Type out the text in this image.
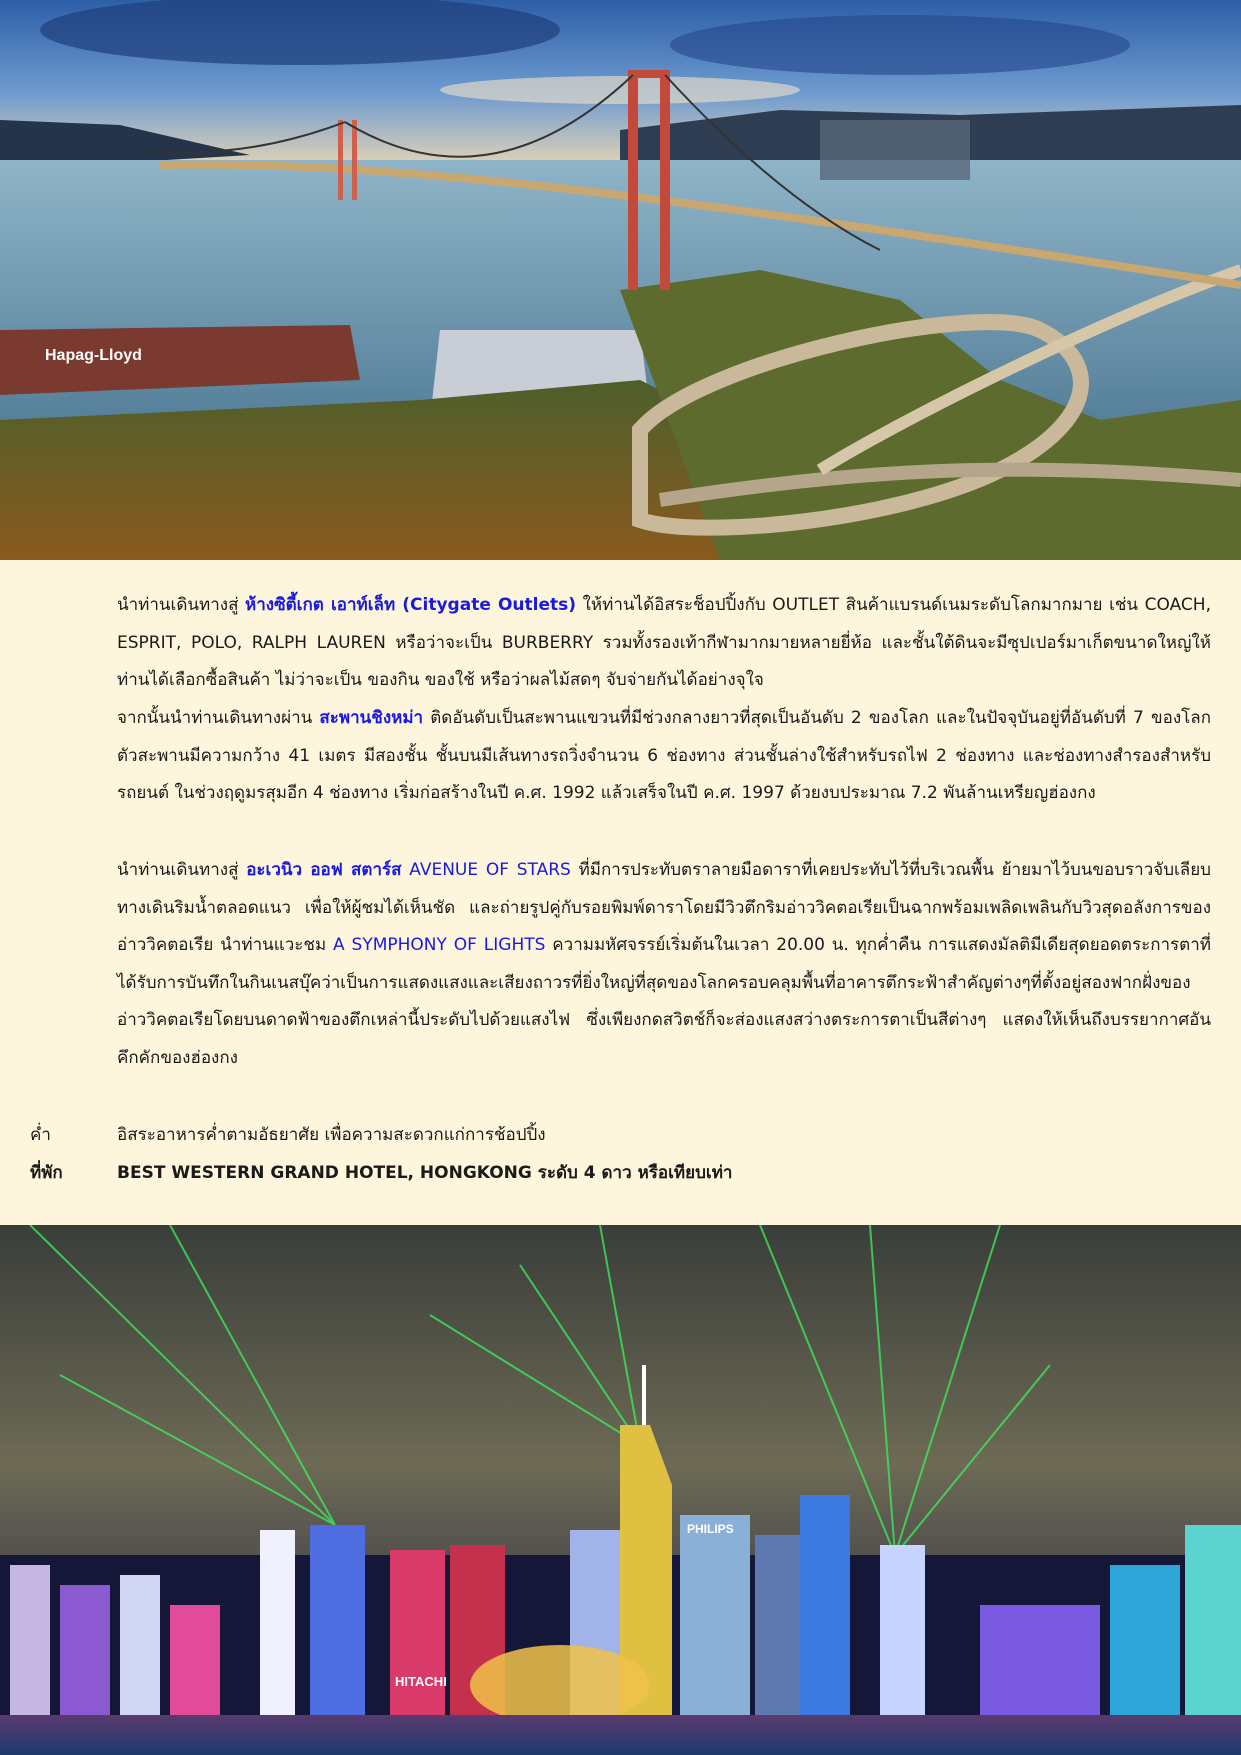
Hapag-Lloyd

นำท่านเดินทางสู่ ห้างซิตี้เกต เอาท์เล็ท (Citygate Outlets) ให้ท่านได้อิสระช็อปปิ้งกับ OUTLET สินค้าแบรนด์เนมระดับโลกมากมาย เช่น COACH, ESPRIT, POLO, RALPH LAUREN หรือว่าจะเป็น BURBERRY รวมทั้งรองเท้ากีฬามากมายหลายยี่ห้อ และชั้นใต้ดินจะมีซุปเปอร์มาเก็ตขนาดใหญ่ให้ท่านได้เลือกซื้อสินค้า ไม่ว่าจะเป็น ของกิน ของใช้ หรือว่าผลไม้สดๆ จับจ่ายกันได้อย่างจุใจ

จากนั้นนำท่านเดินทางผ่าน สะพานชิงหม่า ติดอันดับเป็นสะพานแขวนที่มีช่วงกลางยาวที่สุดเป็นอันดับ 2 ของโลก และในปัจจุบันอยู่ที่อันดับที่ 7 ของโลก ตัวสะพานมีความกว้าง 41 เมตร มีสองชั้น ชั้นบนมีเส้นทางรถวิ่งจำนวน 6 ช่องทาง ส่วนชั้นล่างใช้สำหรับรถไฟ 2 ช่องทาง และช่องทางสำรองสำหรับรถยนต์ ในช่วงฤดูมรสุมอีก 4 ช่องทาง เริ่มก่อสร้างในปี ค.ศ. 1992 แล้วเสร็จในปี ค.ศ. 1997 ด้วยงบประมาณ 7.2 พันล้านเหรียญฮ่องกง

นำท่านเดินทางสู่ อะเวนิว ออฟ สตาร์ส AVENUE OF STARS ที่มีการประทับตราลายมือดาราที่เคยประทับไว้ที่บริเวณพื้น ย้ายมาไว้บนขอบราวจับเลียบทางเดินริมน้ำตลอดแนว เพื่อให้ผู้ชมได้เห็นชัด และถ่ายรูปคู่กับรอยพิมพ์ดาราโดยมีวิวตึกริมอ่าววิคตอเรียเป็นฉากพร้อมเพลิดเพลินกับวิวสุดอลังการของอ่าววิคตอเรีย นำท่านแวะชม A SYMPHONY OF LIGHTS ความมหัศจรรย์เริ่มต้นในเวลา 20.00 น. ทุกค่ำคืน การแสดงมัลติมีเดียสุดยอดตระการตาที่ได้รับการบันทึกในกินเนสบุ๊คว่าเป็นการแสดงแสงและเสียงถาวรที่ยิ่งใหญ่ที่สุดของโลกครอบคลุมพื้นที่อาคารตึกระฟ้าสำคัญต่างๆที่ตั้งอยู่สองฟากฝั่งของอ่าววิคตอเรียโดยบนดาดฟ้าของตึกเหล่านี้ประดับไปด้วยแสงไฟ ซึ่งเพียงกดสวิตช์ก็จะส่องแสงสว่างตระการตาเป็นสีต่างๆ แสดงให้เห็นถึงบรรยากาศอันคึกคักของฮ่องกง

ค่ำ	อิสระอาหารค่ำตามอัธยาศัย เพื่อความสะดวกแก่การช้อปปิ้ง
ที่พัก	BEST WESTERN GRAND HOTEL, HONGKONG ระดับ 4 ดาว หรือเทียบเท่า
PHILIPS
HITACHI
